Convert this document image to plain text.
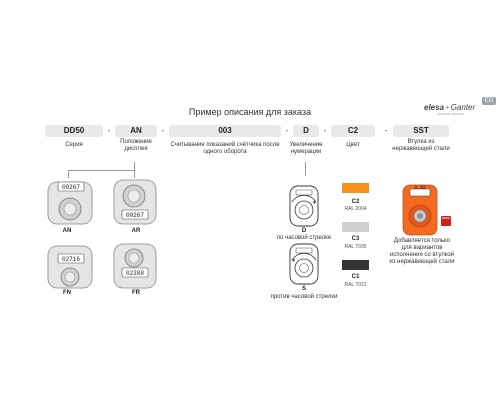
Пример описания для заказа	elesa+Ganter
ORIGINAL DESIGN
EG
DD50	-	AN	-	003	-	D	-	C2	-	SST
Серия	Положение дисплея
Считывание показаний счётчика после одного оборота
Увеличение нумерации
Цвет	Втулка из нержавеющей стали
00267
AN
00267
AR
02716
FN
02388
FR
D
по часовой стрелке
S
против часовой стрелки
C2
RAL 2004
C3
RAL 7035
C1
RAL 7021
3.32
INOX
Добавляется только для вариантов исполнения со втулкой из нержавеющей стали
